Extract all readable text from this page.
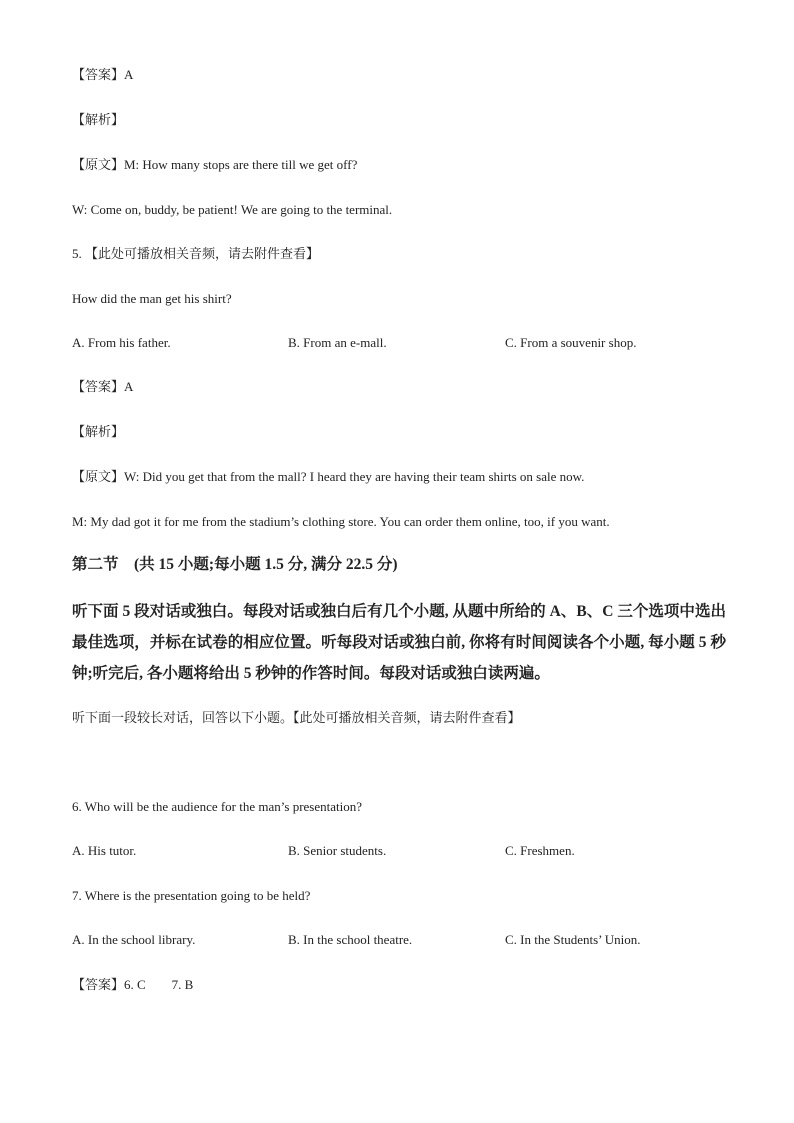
【答案】A
【解析】
【原文】M: How many stops are there till we get off?
W: Come on, buddy, be patient! We are going to the terminal.
5. 【此处可播放相关音频，请去附件查看】
How did the man get his shirt?
A. From his father.	B. From an e-mall.	C. From a souvenir shop.
【答案】A
【解析】
【原文】W: Did you get that from the mall? I heard they are having their team shirts on sale now.
M: My dad got it for me from the stadium’s clothing store. You can order them online, too, if you want.
第二节　(共 15 小题;每小题 1.5 分, 满分 22.5 分)
听下面 5 段对话或独白。每段对话或独白后有几个小题, 从题中所给的 A、B、C 三个选项中选出最佳选项，并标在试卷的相应位置。听每段对话或独白前, 你将有时间阅读各个小题, 每小题 5 秒钟;听完后, 各小题将给出 5 秒钟的作答时间。每段对话或独白读两遍。
听下面一段较长对话，回答以下小题。【此处可播放相关音频，请去附件查看】
6. Who will be the audience for the man’s presentation?
A. His tutor.	B. Senior students.	C. Freshmen.
7. Where is the presentation going to be held?
A. In the school library.	B. In the school theatre.	C. In the Students’ Union.
【答案】6. C　　7. B
